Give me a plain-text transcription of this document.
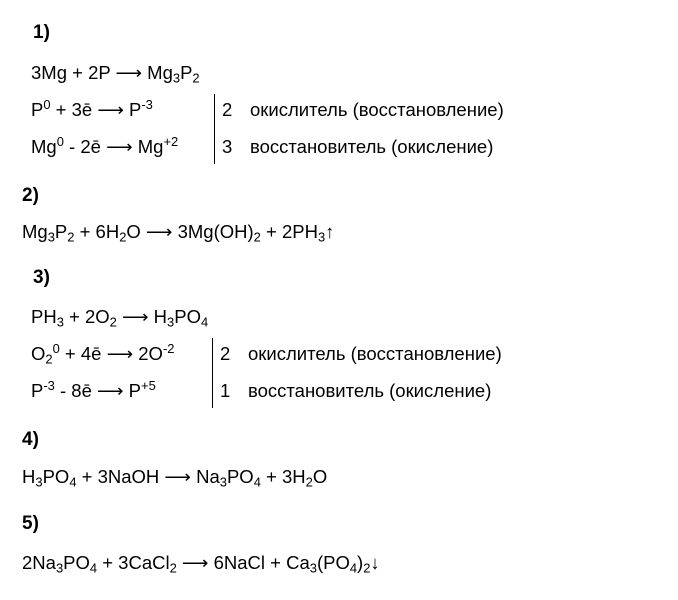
1)
3Mg + 2P ⟶ $Mg_3P_2$
$P^0$ + 3ē ⟶ $P^{-3}$
Mg$^0$ - 2ē ⟶ $Mg^{+2}$
2 окислитель (восстановление)
3 восстановитель (окисление)
2)
$Mg_3P_2 + 6H_2O$ ⟶ $3Mg(OH)_2$ + $2PH_3↑$
3)
$PH_3 + 2O_2$ ⟶ $H_3PO_4$
$O_2^0$ + 4ē ⟶ $2O^{-2}$
$P^{-3}$ - 8ē ⟶ $P^{+5}$
2 окислитель (восстановление)
1 восстановитель (окисление)
4)
$H_3PO_4$ + 3NaOH ⟶ $Na_3PO_4 + 3H_2O$
5)
$2Na_3PO_4$ + 3CaCl$_2$ ⟶ 6NaCl + $Ca_3(PO_4)_2↓$
